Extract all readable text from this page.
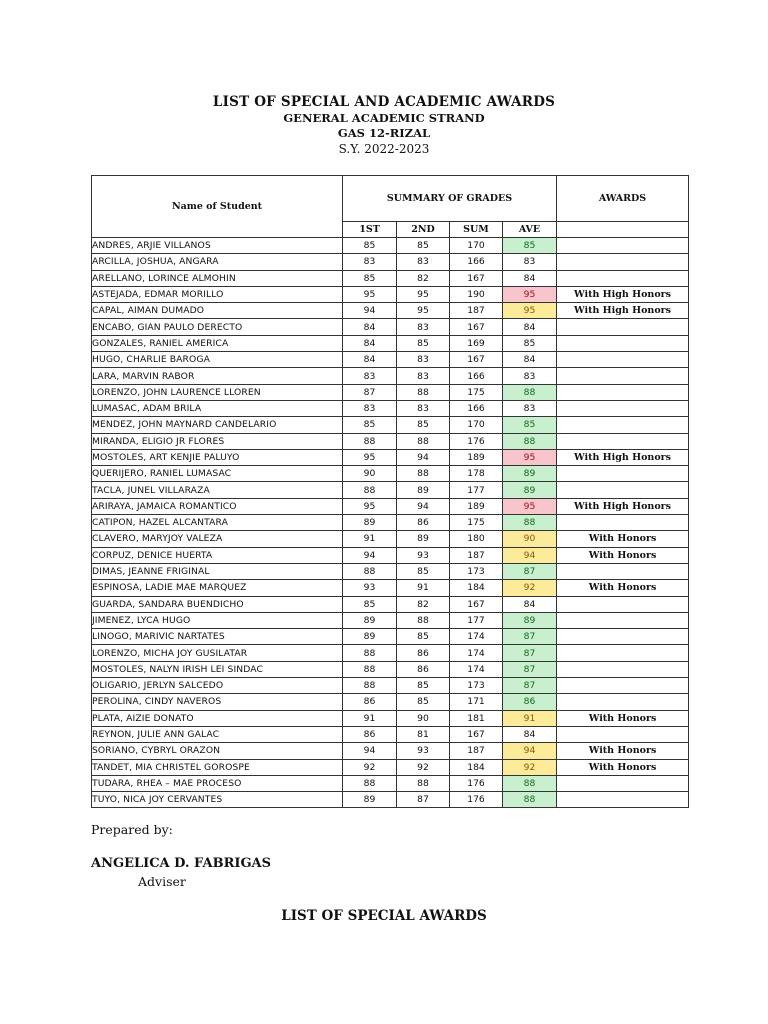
LIST OF SPECIAL AND ACADEMIC AWARDS
GENERAL ACADEMIC STRAND
GAS 12-RIZAL
S.Y. 2022-2023
Name of Student	SUMMARY OF GRADES				AWARDS
	1ST	2ND	SUM	AVE	
ANDRES, ARJIE VILLANOS	85	85	170	85	
ARCILLA, JOSHUA, ANGARA	83	83	166	83	
ARELLANO, LORINCE ALMOHIN	85	82	167	84	
ASTEJADA, EDMAR MORILLO	95	95	190	95	With High Honors
CAPAL, AIMAN DUMADO	94	95	187	95	With High Honors
ENCABO, GIAN PAULO DERECTO	84	83	167	84	
GONZALES, RANIEL AMERICA	84	85	169	85	
HUGO, CHARLIE BAROGA	84	83	167	84	
LARA, MARVIN RABOR	83	83	166	83	
LORENZO, JOHN LAURENCE LLOREN	87	88	175	88	
LUMASAC, ADAM BRILA	83	83	166	83	
MENDEZ, JOHN MAYNARD CANDELARIO	85	85	170	85	
MIRANDA, ELIGIO JR FLORES	88	88	176	88	
MOSTOLES, ART KENJIE PALUYO	95	94	189	95	With High Honors
QUERIJERO, RANIEL LUMASAC	90	88	178	89	
TACLA, JUNEL VILLARAZA	88	89	177	89	
ARIRAYA, JAMAICA ROMANTICO	95	94	189	95	With High Honors
CATIPON, HAZEL ALCANTARA	89	86	175	88	
CLAVERO, MARYJOY VALEZA	91	89	180	90	With Honors
CORPUZ, DENICE HUERTA	94	93	187	94	With Honors
DIMAS, JEANNE FRIGINAL	88	85	173	87	
ESPINOSA, LADIE MAE MARQUEZ	93	91	184	92	With Honors
GUARDA, SANDARA BUENDICHO	85	82	167	84	
JIMENEZ, LYCA HUGO	89	88	177	89	
LINOGO, MARIVIC NARTATES	89	85	174	87	
LORENZO, MICHA JOY GUSILATAR	88	86	174	87	
MOSTOLES, NALYN IRISH LEI SINDAC	88	86	174	87	
OLIGARIO, JERLYN SALCEDO	88	85	173	87	
PEROLINA, CINDY NAVEROS	86	85	171	86	
PLATA, AIZIE DONATO	91	90	181	91	With Honors
REYNON, JULIE ANN GALAC	86	81	167	84	
SORIANO, CYBRYL ORAZON	94	93	187	94	With Honors
TANDET, MIA CHRISTEL GOROSPE	92	92	184	92	With Honors
TUDARA, RHEA – MAE PROCESO	88	88	176	88	
TUYO, NICA JOY CERVANTES	89	87	176	88	
Prepared by:
ANGELICA D. FABRIGAS
Adviser
LIST OF SPECIAL AWARDS
